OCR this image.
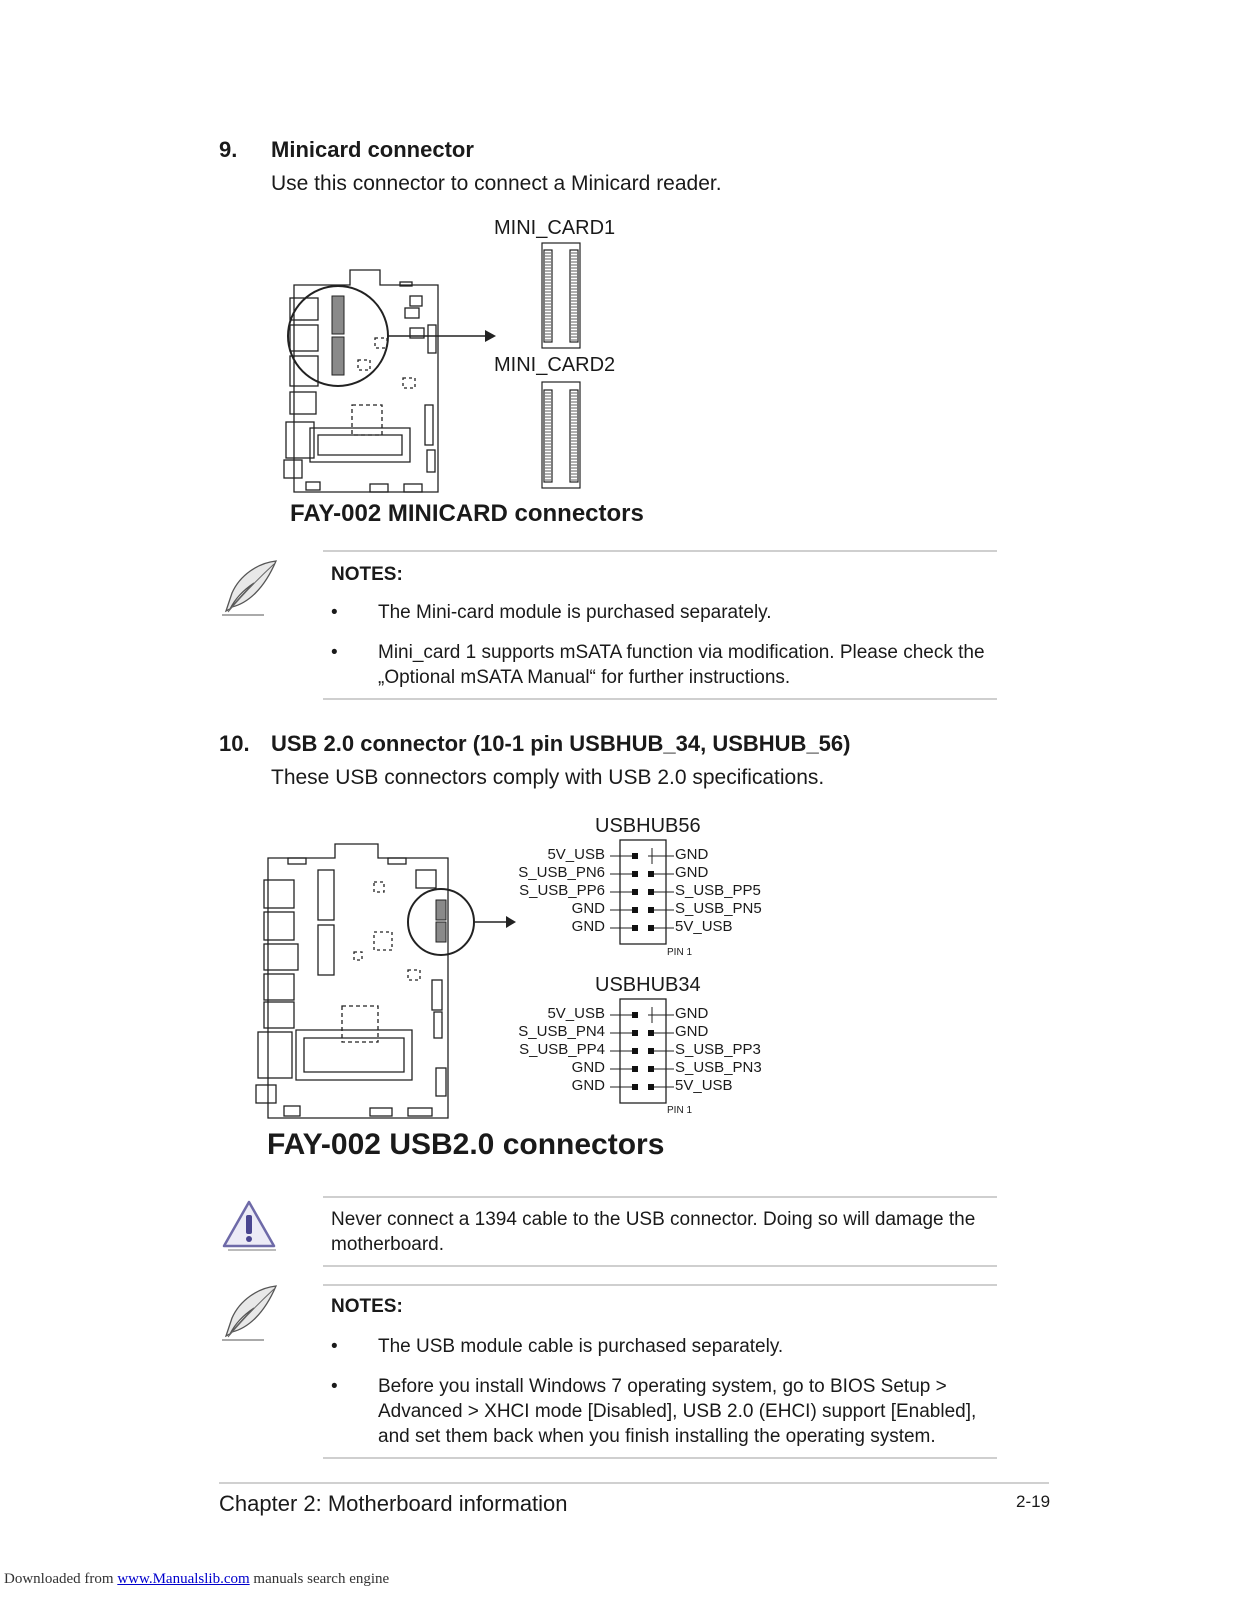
9. Minicard connector
Use this connector to connect a Minicard reader.
MINI_CARD1
MINI_CARD2
FAY-002 MINICARD connectors
NOTES:
• The Mini-card module is purchased separately.
• Mini_card 1 supports mSATA function via modification. Please check the
„Optional mSATA Manual“ for further instructions.
10. USB 2.0 connector (10-1 pin USBHUB_34, USBHUB_56)
These USB connectors comply with USB 2.0 specifications.
USBHUB56
5V_USB
S_USB_PN6
S_USB_PP6
GND
GND
GND
GND
S_USB_PP5
S_USB_PN5
5V_USB
PIN 1
USBHUB34
5V_USB
S_USB_PN4
S_USB_PP4
GND
GND
GND
GND
S_USB_PP3
S_USB_PN3
5V_USB
PIN 1
FAY-002 USB2.0 connectors
Never connect a 1394 cable to the USB connector. Doing so will damage the
motherboard.
NOTES:
• The USB module cable is purchased separately.
• Before you install Windows 7 operating system, go to BIOS Setup >
Advanced > XHCI mode [Disabled], USB 2.0 (EHCI) support [Enabled],
and set them back when you finish installing the operating system.
Chapter 2: Motherboard information	2-19
Downloaded from www.Manualslib.com manuals search engine
